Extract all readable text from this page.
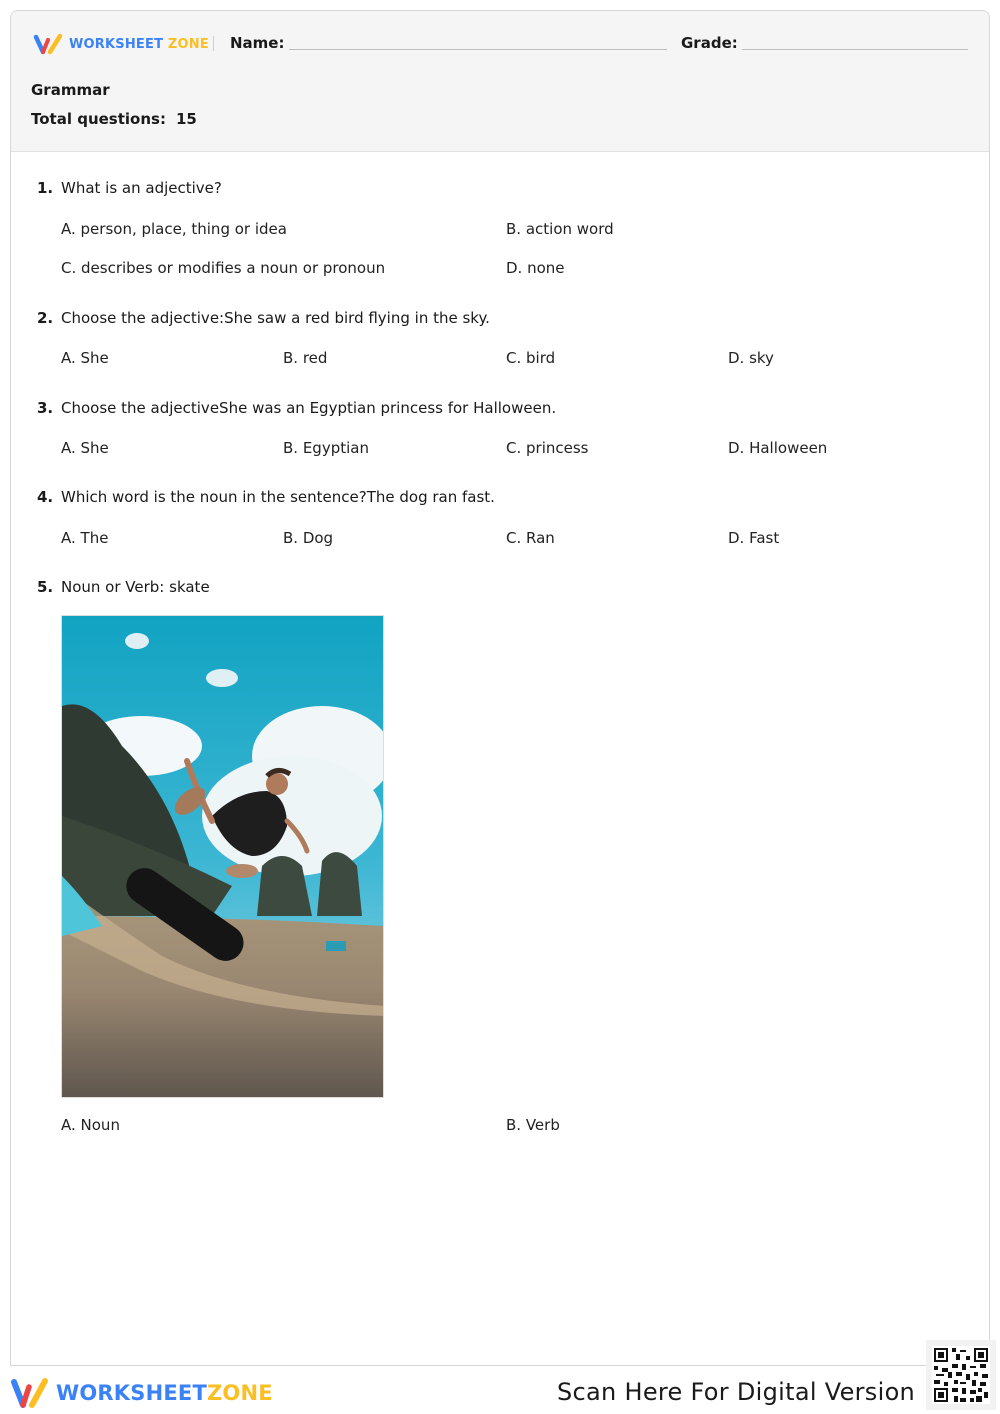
WORKSHEET ZONE Name:	Grade:
Grammar
Total questions: 15
1. What is an adjective?
A. person, place, thing or idea	B. action word
C. describes or modifies a noun or pronoun	D. none
2. Choose the adjective:She saw a red bird flying in the sky.
A. She	B. red	C. bird	D. sky
3. Choose the adjectiveShe was an Egyptian princess for Halloween.
A. She	B. Egyptian	C. princess	D. Halloween
4. Which word is the noun in the sentence?The dog ran fast.
A. The	B. Dog	C. Ran	D. Fast
5. Noun or Verb: skate
A. Noun	B. Verb
WORKSHEETZONE	Scan Here For Digital Version
